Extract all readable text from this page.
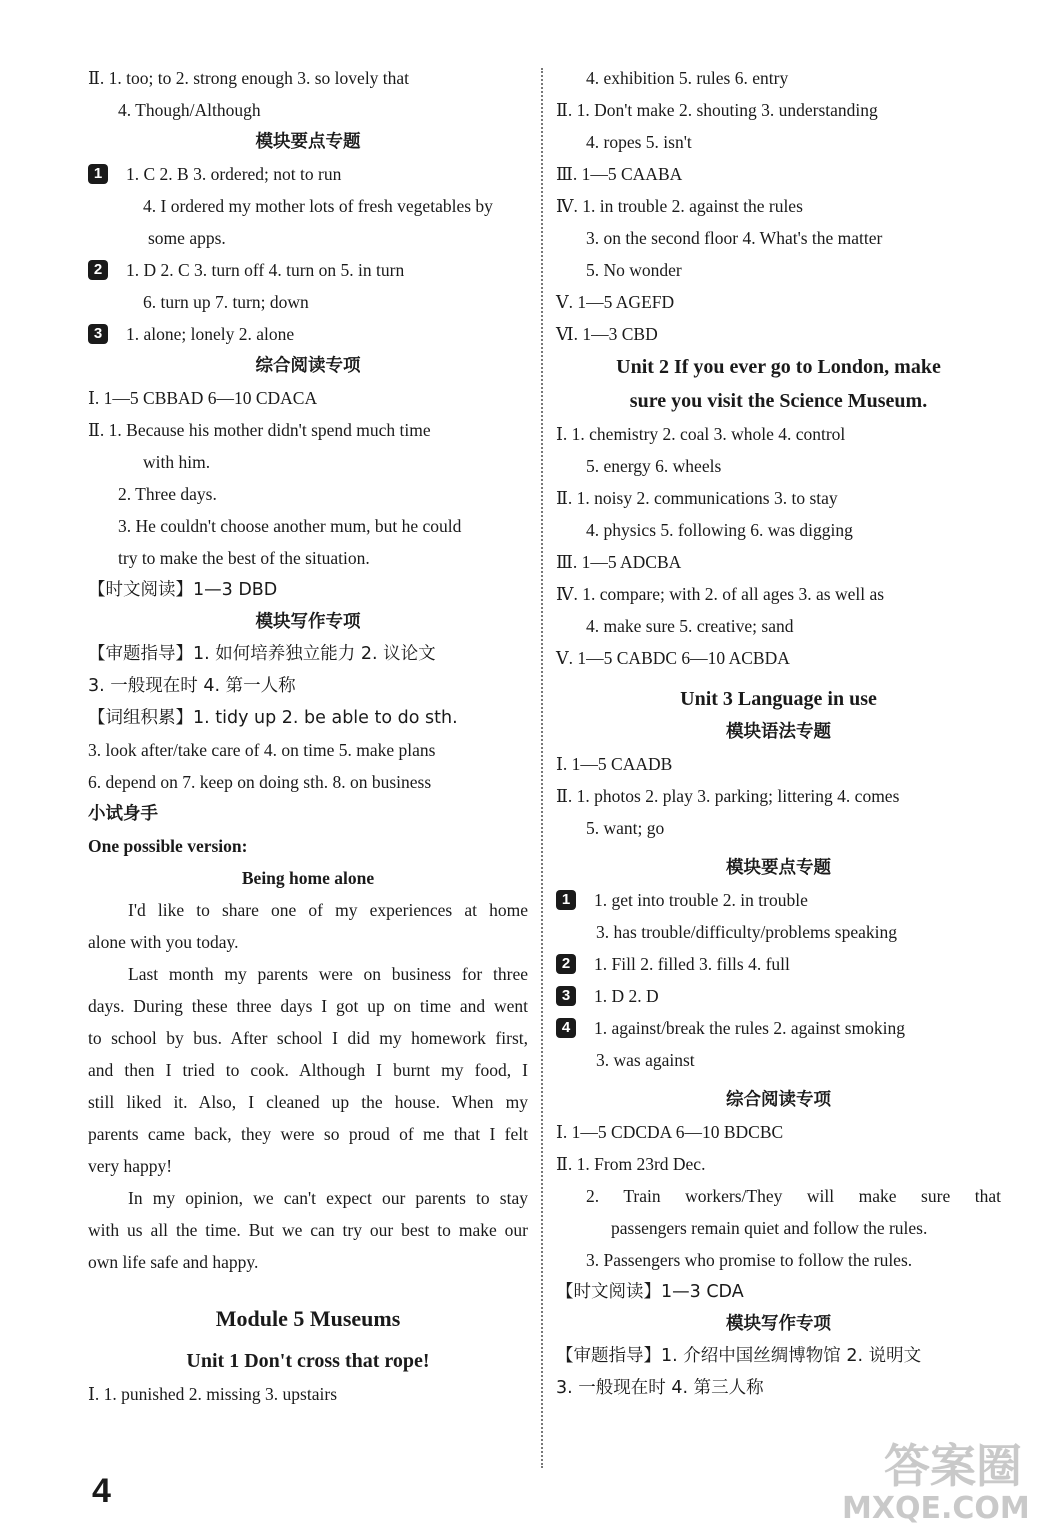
Ⅱ. 1. too; to 2. strong enough 3. so lovely that
4. Though/Although
模块要点专题
1 1. C 2. B 3. ordered; not to run
4. I ordered my mother lots of fresh vegetables by
some apps.
2 1. D 2. C 3. turn off 4. turn on 5. in turn
6. turn up 7. turn; down
3 1. alone; lonely 2. alone
综合阅读专项
Ⅰ. 1—5 CBBAD 6—10 CDACA
Ⅱ. 1. Because his mother didn't spend much time
with him.
2. Three days.
3. He couldn't choose another mum, but he could
try to make the best of the situation.
【时文阅读】1—3 DBD
模块写作专项
【审题指导】1. 如何培养独立能力 2. 议论文
3. 一般现在时 4. 第一人称
【词组积累】1. tidy up 2. be able to do sth.
3. look after/take care of 4. on time 5. make plans
6. depend on 7. keep on doing sth. 8. on business
小试身手
One possible version:
Being home alone
I'd like to share one of my experiences at home
alone with you today.
Last month my parents were on business for three
days. During these three days I got up on time and went
to school by bus. After school I did my homework first,
and then I tried to cook. Although I burnt my food, I
still liked it. Also, I cleaned up the house. When my
parents came back, they were so proud of me that I felt
very happy!
In my opinion, we can't expect our parents to stay
with us all the time. But we can try our best to make our
own life safe and happy.
Module 5 Museums
Unit 1 Don't cross that rope!
Ⅰ. 1. punished 2. missing 3. upstairs
4. exhibition 5. rules 6. entry
Ⅱ. 1. Don't make 2. shouting 3. understanding
4. ropes 5. isn't
Ⅲ. 1—5 CAABA
Ⅳ. 1. in trouble 2. against the rules
3. on the second floor 4. What's the matter
5. No wonder
Ⅴ. 1—5 AGEFD
Ⅵ. 1—3 CBD
Unit 2 If you ever go to London, make
sure you visit the Science Museum.
Ⅰ. 1. chemistry 2. coal 3. whole 4. control
5. energy 6. wheels
Ⅱ. 1. noisy 2. communications 3. to stay
4. physics 5. following 6. was digging
Ⅲ. 1—5 ADCBA
Ⅳ. 1. compare; with 2. of all ages 3. as well as
4. make sure 5. creative; sand
Ⅴ. 1—5 CABDC 6—10 ACBDA
Unit 3 Language in use
模块语法专题
Ⅰ. 1—5 CAADB
Ⅱ. 1. photos 2. play 3. parking; littering 4. comes
5. want; go
模块要点专题
1 1. get into trouble 2. in trouble
3. has trouble/difficulty/problems speaking
2 1. Fill 2. filled 3. fills 4. full
3 1. D 2. D
4 1. against/break the rules 2. against smoking
3. was against
综合阅读专项
Ⅰ. 1—5 CDCDA 6—10 BDCBC
Ⅱ. 1. From 23rd Dec.
2. Train workers/They will make sure that
passengers remain quiet and follow the rules.
3. Passengers who promise to follow the rules.
【时文阅读】1—3 CDA
模块写作专项
【审题指导】1. 介绍中国丝绸博物馆 2. 说明文
3. 一般现在时 4. 第三人称
4	答案圈
MXQE.COM
